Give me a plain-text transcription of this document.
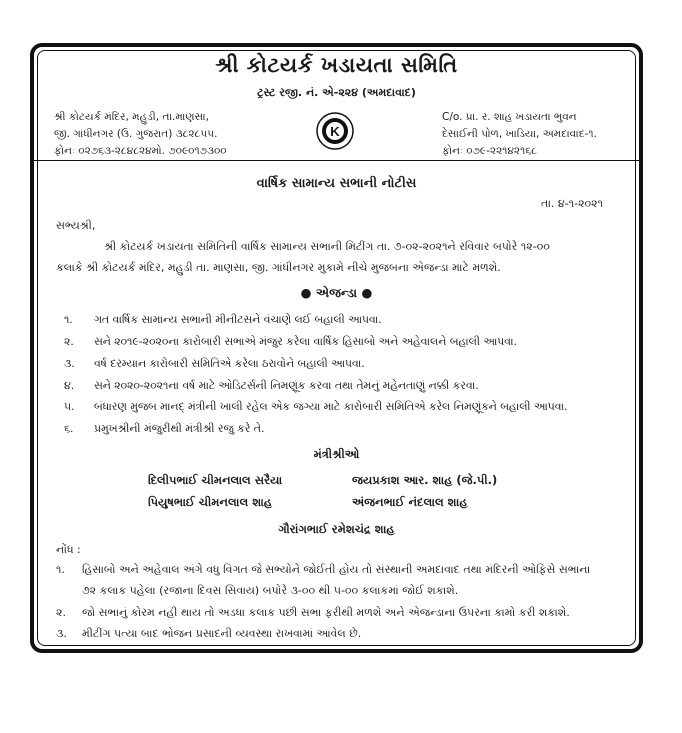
શ્રી કોટયર્ક ખડાયતા સમિતિ
ટ્રસ્ટ રજી. નં. એ-૨૨૪ (અમદાવાદ)
શ્રી કોટયર્ક મંદિર, મહુડી, તા.માણસા,
જી. ગાંધીનગર (ઉ. ગુજરાત) ૩૮૨૮૫૫.
ફોનઃ ૦૨૭૬૩-૨૮૪૮૨૪મો. ૭૦૯૦૧૭૩૦૦
K
C/o. પ્રા. ર. શાહ ખડાયતા ભુવન
દેસાઈની પોળ, ખાડિયા, અમદાવાદ-૧.
ફોનઃ ૦૭૯-૨૨૧૪૨૧૬૮
વાર્ષિક સામાન્ય સભાની નોટીસ
તા. ૪-૧-૨૦૨૧
સભ્યશ્રી,
શ્રી કોટયર્ક ખડાયતા સમિતિની વાર્ષિક સામાન્ય સભાની મિટીંગ તા. ૭-૦૨-૨૦૨૧ને રવિવાર બપોરે ૧૨-૦૦
કલાકે શ્રી કોટયર્ક મંદિર, મહુડી તા. માણસા, જી. ગાંધીનગર મુકામે નીચે મુજબના એજન્ડા માટે મળશે.
● એજન્ડા ●
૧. ગત વાર્ષિક સામાન્ય સભાની મીનીટસને વંચાણે લઈ બહાલી આપવા.
૨. સને ૨૦૧૯-૨૦૨૦ના કારોબારી સભાએ મંજુર કરેલા વાર્ષિક હિસાબો અને અહેવાલને બહાલી આપવા.
૩. વર્ષ દરમ્યાન કારોબારી સમિતિએ કરેલા ઠરાવોને બહાલી આપવા.
૪. સને ૨૦૨૦-૨૦૨૧ના વર્ષ માટે ઓડિટર્સની નિમણૂંક કરવા તથા તેમનું મહેનતાણું નક્કી કરવા.
૫. બંધારણ મુજબ માનદ્ મંત્રીની ખાલી રહેલ એક જગ્યા માટે કારોબારી સમિતિએ કરેલ નિમણૂંકને બહાલી આપવા.
૬. પ્રમુખશ્રીની મંજુરીથી મંત્રીશ્રી રજુ કરે તે.
મંત્રીશ્રીઓ
દિલીપભાઈ ચીમનલાલ સરૈયા	જયપ્રકાશ આર. શાહ (જે.પી.)
પિયુષભાઈ ચીમનલાલ શાહ	અંજનભાઈ નંદલાલ શાહ
ગૌરાંગભાઈ રમેશચંદ્ર શાહ
નોંધ :
૧. હિસાબો અને અહેવાલ અંગે વધુ વિગત જે સભ્યોને જોઈતી હોય તો સંસ્થાની અમદાવાદ તથા મંદિરની ઓફિસે સભાના
૭૨ કલાક પહેલા (રજાના દિવસ સિવાય) બપોરે ૩-૦૦ થી ૫-૦૦ કલાકમાં જોઈ શકાશે.
૨. જો સભાનું કોરમ નહી થાય તો અડધા કલાક પછી સભા ફરીથી મળશે અને એજન્ડાના ઉપરના કામો કરી શકાશે.
૩. મીટીંગ પત્યા બાદ ભોજન પ્રસાદની વ્યવસ્થા રાખવામાં આવેલ છે.
